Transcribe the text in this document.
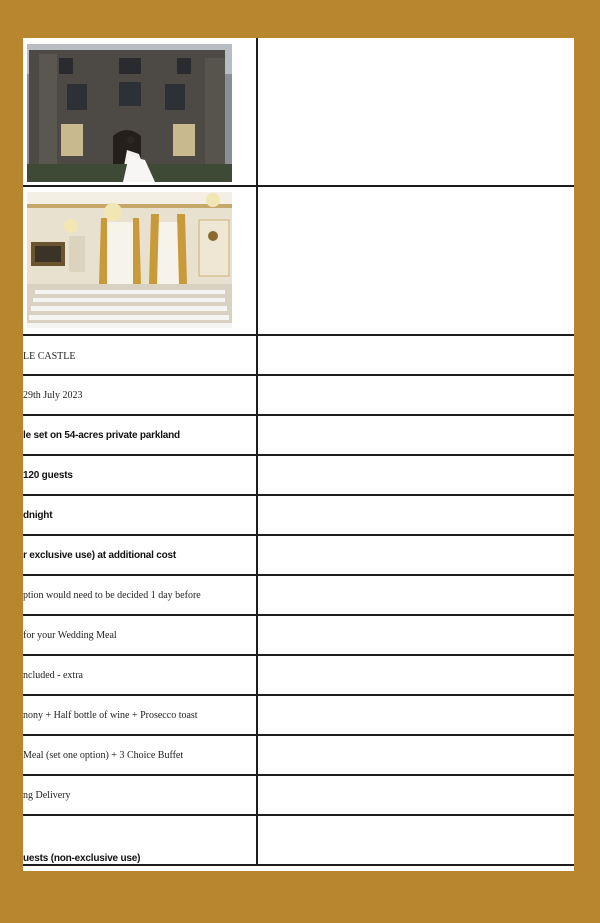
LE CASTLE
29th July 2023
le set on 54-acres private parkland
120 guests
dnight
r exclusive use) at additional cost
ption would need to be decided 1 day before
for your Wedding Meal
ncluded - extra
nony + Half bottle of wine + Prosecco toast
Meal (set one option) + 3 Choice Buffet
ng Delivery
uests (non-exclusive use)
